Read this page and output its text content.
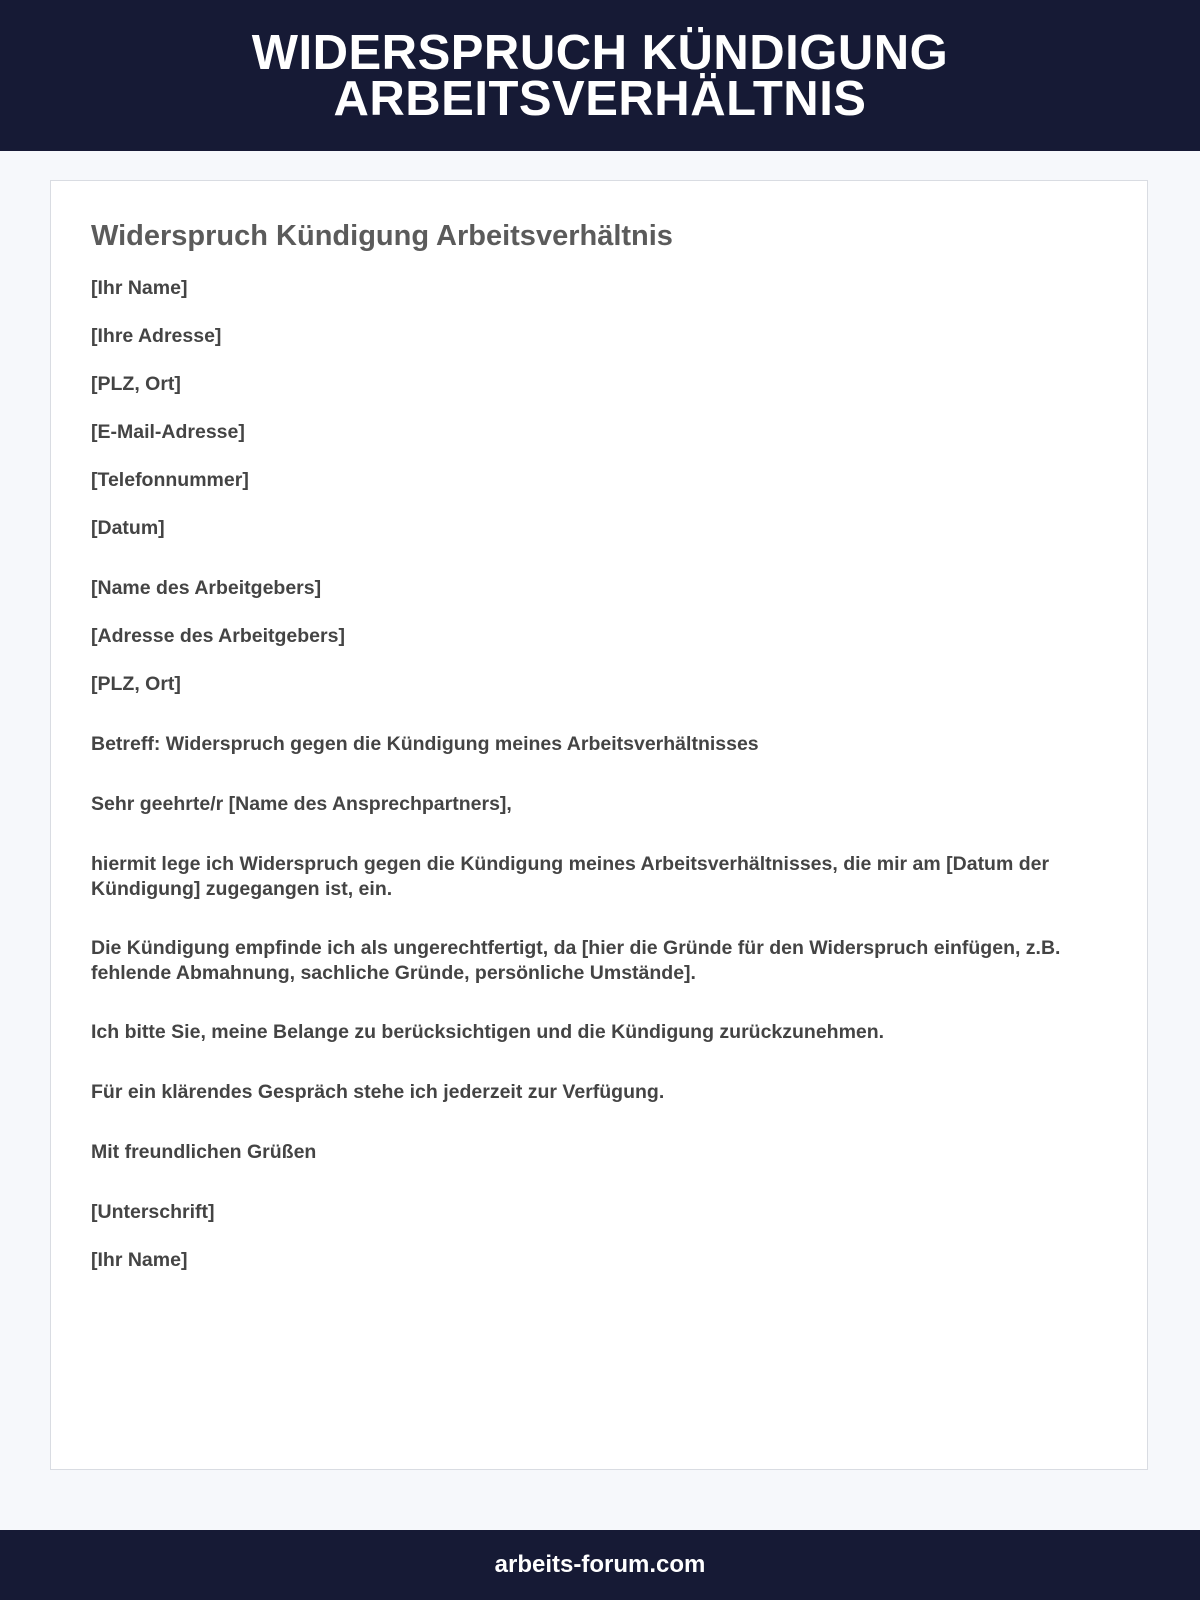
WIDERSPRUCH KÜNDIGUNG ARBEITSVERHÄLTNIS
Widerspruch Kündigung Arbeitsverhältnis

[Ihr Name]

[Ihre Adresse]

[PLZ, Ort]

[E-Mail-Adresse]

[Telefonnummer]

[Datum]

[Name des Arbeitgebers]

[Adresse des Arbeitgebers]

[PLZ, Ort]

Betreff: Widerspruch gegen die Kündigung meines Arbeitsverhältnisses

Sehr geehrte/r [Name des Ansprechpartners],

hiermit lege ich Widerspruch gegen die Kündigung meines Arbeitsverhältnisses, die mir am [Datum der Kündigung] zugegangen ist, ein.

Die Kündigung empfinde ich als ungerechtfertigt, da [hier die Gründe für den Widerspruch einfügen, z.B. fehlende Abmahnung, sachliche Gründe, persönliche Umstände].

Ich bitte Sie, meine Belange zu berücksichtigen und die Kündigung zurückzunehmen.

Für ein klärendes Gespräch stehe ich jederzeit zur Verfügung.

Mit freundlichen Grüßen

[Unterschrift]

[Ihr Name]

arbeits-forum.com
